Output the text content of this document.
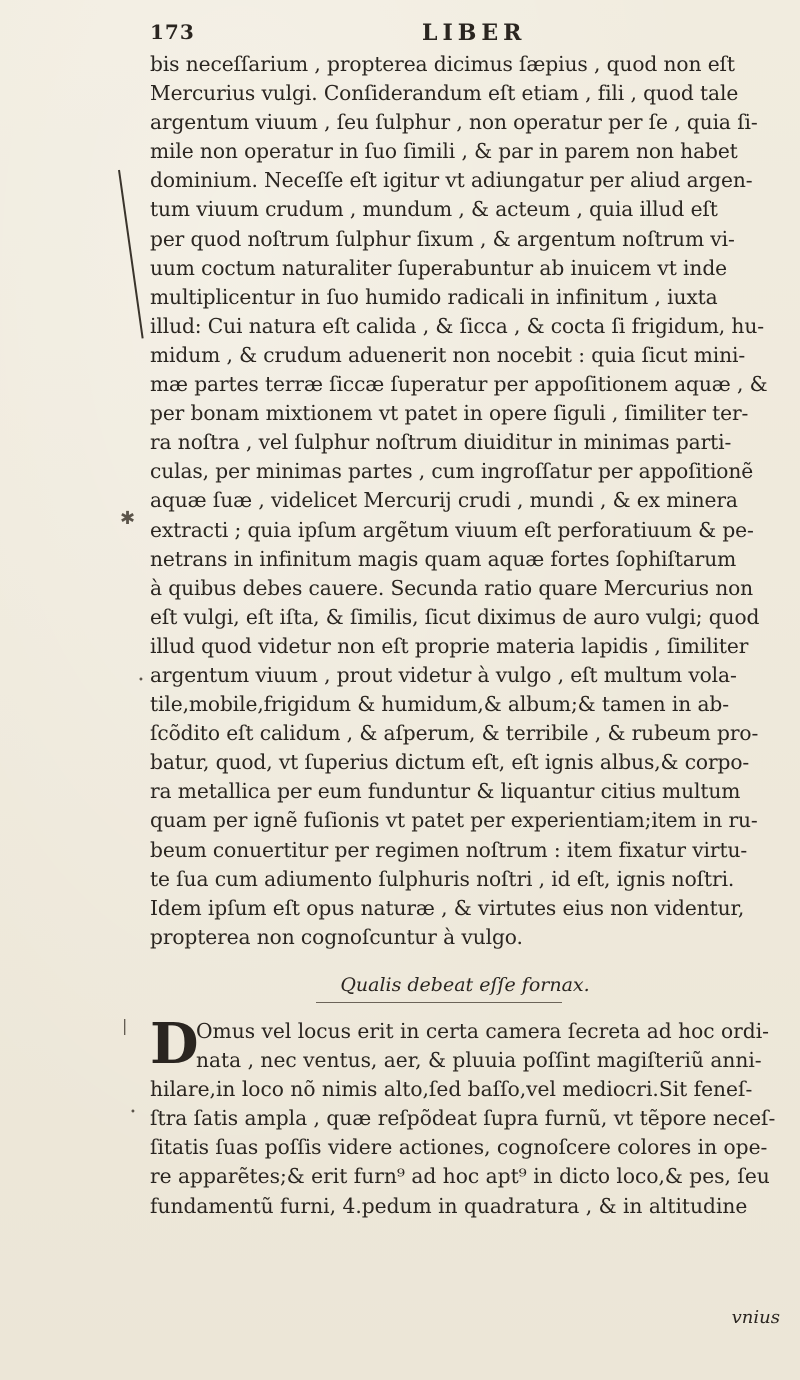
✱
•
•
|
173	LIBER
bis neceſſarium , propterea dicimus ſæpius , quod non eſt
Mercurius vulgi. Conſiderandum eſt etiam , fili , quod tale
argentum viuum , ſeu ſulphur , non operatur per ſe , quia ſi-
mile non operatur in ſuo ſimili , & par in parem non habet
dominium. Neceſſe eſt igitur vt adiungatur per aliud argen-
tum viuum crudum , mundum , & acteum , quia illud eſt
per quod noſtrum ſulphur ſixum , & argentum noſtrum vi-
uum coctum naturaliter ſuperabuntur ab inuicem vt inde
multiplicentur in ſuo humido radicali in infinitum , iuxta
illud: Cui natura eſt calida , & ſicca , & cocta ſi frigidum, hu-
midum , & crudum aduenerit non nocebit : quia ſicut mini-
mæ partes terræ ſiccæ ſuperatur per appoſitionem aquæ , &
per bonam mixtionem vt patet in opere ſiguli , ſimiliter ter-
ra noſtra , vel ſulphur noſtrum diuiditur in minimas parti-
culas, per minimas partes , cum ingroſſatur per appoſitionẽ
aquæ ſuæ , videlicet Mercurij crudi , mundi , & ex minera
extracti ; quia ipſum argẽtum viuum eſt perforatiuum & pe-
netrans in infinitum magis quam aquæ fortes ſophiſtarum
à quibus debes cauere. Secunda ratio quare Mercurius non
eſt vulgi, eſt iſta, & ſimilis, ſicut diximus de auro vulgi; quod
illud quod videtur non eſt proprie materia lapidis , ſimiliter
argentum viuum , prout videtur à vulgo , eſt multum vola-
tile,mobile,frigidum & humidum,& album;& tamen in ab-
ſcõdito eſt calidum , & aſperum, & terribile , & rubeum pro-
batur, quod, vt ſuperius dictum eſt, eſt ignis albus,& corpo-
ra metallica per eum funduntur & liquantur citius multum
quam per ignẽ fuſionis vt patet per experientiam;item in ru-
beum conuertitur per regimen noſtrum : item fixatur virtu-
te ſua cum adiumento ſulphuris noſtri , id eſt, ignis noſtri.
Idem ipſum eſt opus naturæ , & virtutes eius non videntur,
propterea non cognoſcuntur à vulgo.
Qualis debeat eſſe fornax.
D
Omus vel locus erit in certa camera ſecreta ad hoc ordi-
nata , nec ventus, aer, & pluuia poſſint magiſteriũ anni-
hilare,in loco nõ nimis alto,ſed baſſo,vel mediocri.Sit feneſ-
ſtra ſatis ampla , quæ reſpõdeat ſupra furnũ, vt tẽpore neceſ-
ſitatis ſuas poſſis videre actiones, cognoſcere colores in ope-
re apparẽtes;& erit furn⁹ ad hoc apt⁹ in dicto loco,& pes, ſeu
fundamentũ furni, 4.pedum in quadratura , & in altitudine
vnius
